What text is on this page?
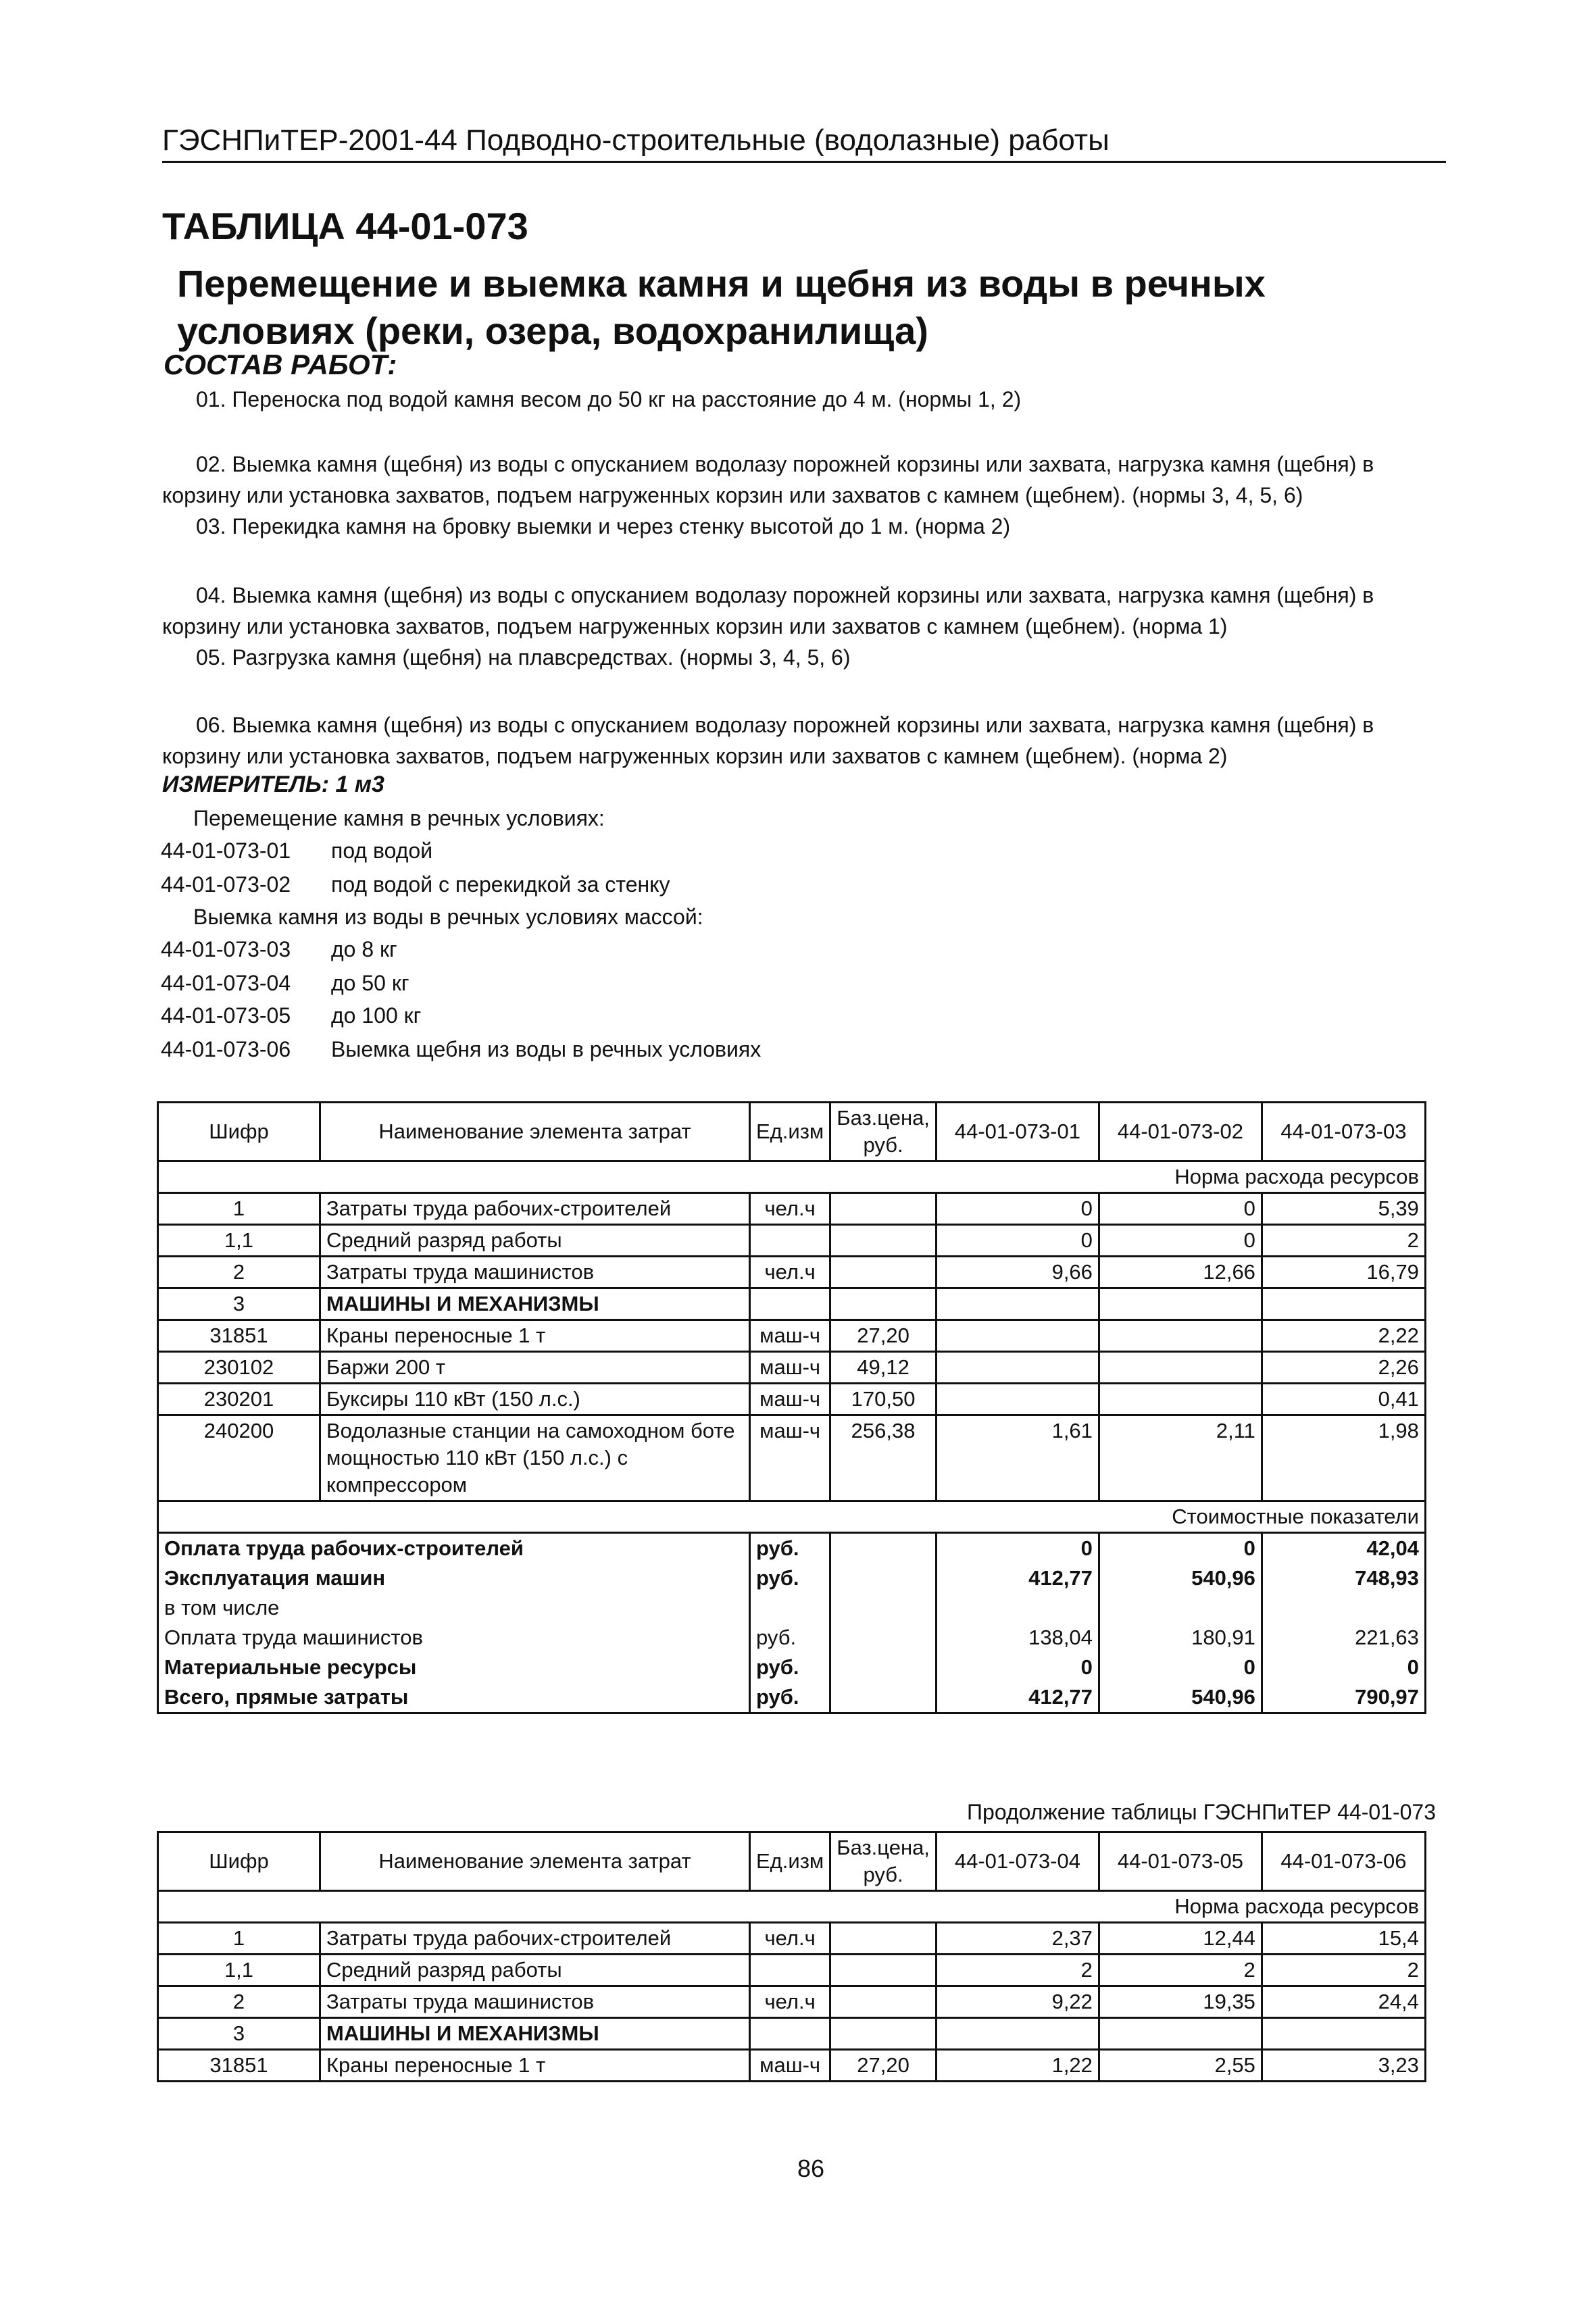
ГЭСНПиТЕР-2001-44 Подводно-строительные (водолазные) работы
ТАБЛИЦА 44-01-073
Перемещение и выемка камня и щебня из воды в речных условиях (реки, озера, водохранилища)
СОСТАВ РАБОТ:
01. Переноска под водой камня весом до 50 кг на расстояние до 4 м. (нормы 1, 2)
02. Выемка камня (щебня) из воды с опусканием водолазу порожней корзины или захвата, нагрузка камня (щебня) в корзину или установка захватов, подъем нагруженных корзин или захватов с камнем (щебнем). (нормы 3, 4, 5, 6)
03. Перекидка камня на бровку выемки и через стенку высотой до 1 м. (норма 2)
04. Выемка камня (щебня) из воды с опусканием водолазу порожней корзины или захвата, нагрузка камня (щебня) в корзину или установка захватов, подъем нагруженных корзин или захватов с камнем (щебнем). (норма 1)
05. Разгрузка камня (щебня) на плавсредствах. (нормы 3, 4, 5, 6)
06. Выемка камня (щебня) из воды с опусканием водолазу порожней корзины или захвата, нагрузка камня (щебня) в корзину или установка захватов, подъем нагруженных корзин или захватов с камнем (щебнем). (норма 2)
ИЗМЕРИТЕЛЬ: 1 м3
Перемещение камня в речных условиях:
44-01-073-01 под водой
44-01-073-02 под водой с перекидкой за стенку
Выемка камня из воды в речных условиях массой:
44-01-073-03 до 8 кг
44-01-073-04 до 50 кг
44-01-073-05 до 100 кг
44-01-073-06 Выемка щебня из воды в речных условиях
Шифр	Наименование элемента затрат	Ед.изм	Баз.цена, руб.	44-01-073-01	44-01-073-02	44-01-073-03
Норма расхода ресурсов						
1	Затраты труда рабочих-строителей	чел.ч		0	0	5,39
1,1	Средний разряд работы			0	0	2
2	Затраты труда машинистов	чел.ч		9,66	12,66	16,79
3	МАШИНЫ И МЕХАНИЗМЫ					
31851	Краны переносные 1 т	маш-ч	27,20			2,22
230102	Баржи 200 т	маш-ч	49,12			2,26
230201	Буксиры 110 кВт (150 л.с.)	маш-ч	170,50			0,41
240200	Водолазные станции на самоходном боте мощностью 110 кВт (150 л.с.) с компрессором	маш-ч	256,38	1,61	2,11	1,98
Стоимостные показатели						
Оплата труда рабочих-строителей		руб.		0	0	42,04
Эксплуатация машин		руб.		412,77	540,96	748,93
в том числе						
Оплата труда машинистов		руб.		138,04	180,91	221,63
Материальные ресурсы		руб.		0	0	0
Всего, прямые затраты		руб.		412,77	540,96	790,97
Продолжение таблицы ГЭСНПиТЕР 44-01-073
Шифр	Наименование элемента затрат	Ед.изм	Баз.цена, руб.	44-01-073-04	44-01-073-05	44-01-073-06
Норма расхода ресурсов						
1	Затраты труда рабочих-строителей	чел.ч		2,37	12,44	15,4
1,1	Средний разряд работы			2	2	2
2	Затраты труда машинистов	чел.ч		9,22	19,35	24,4
3	МАШИНЫ И МЕХАНИЗМЫ					
31851	Краны переносные 1 т	маш-ч	27,20	1,22	2,55	3,23
86
